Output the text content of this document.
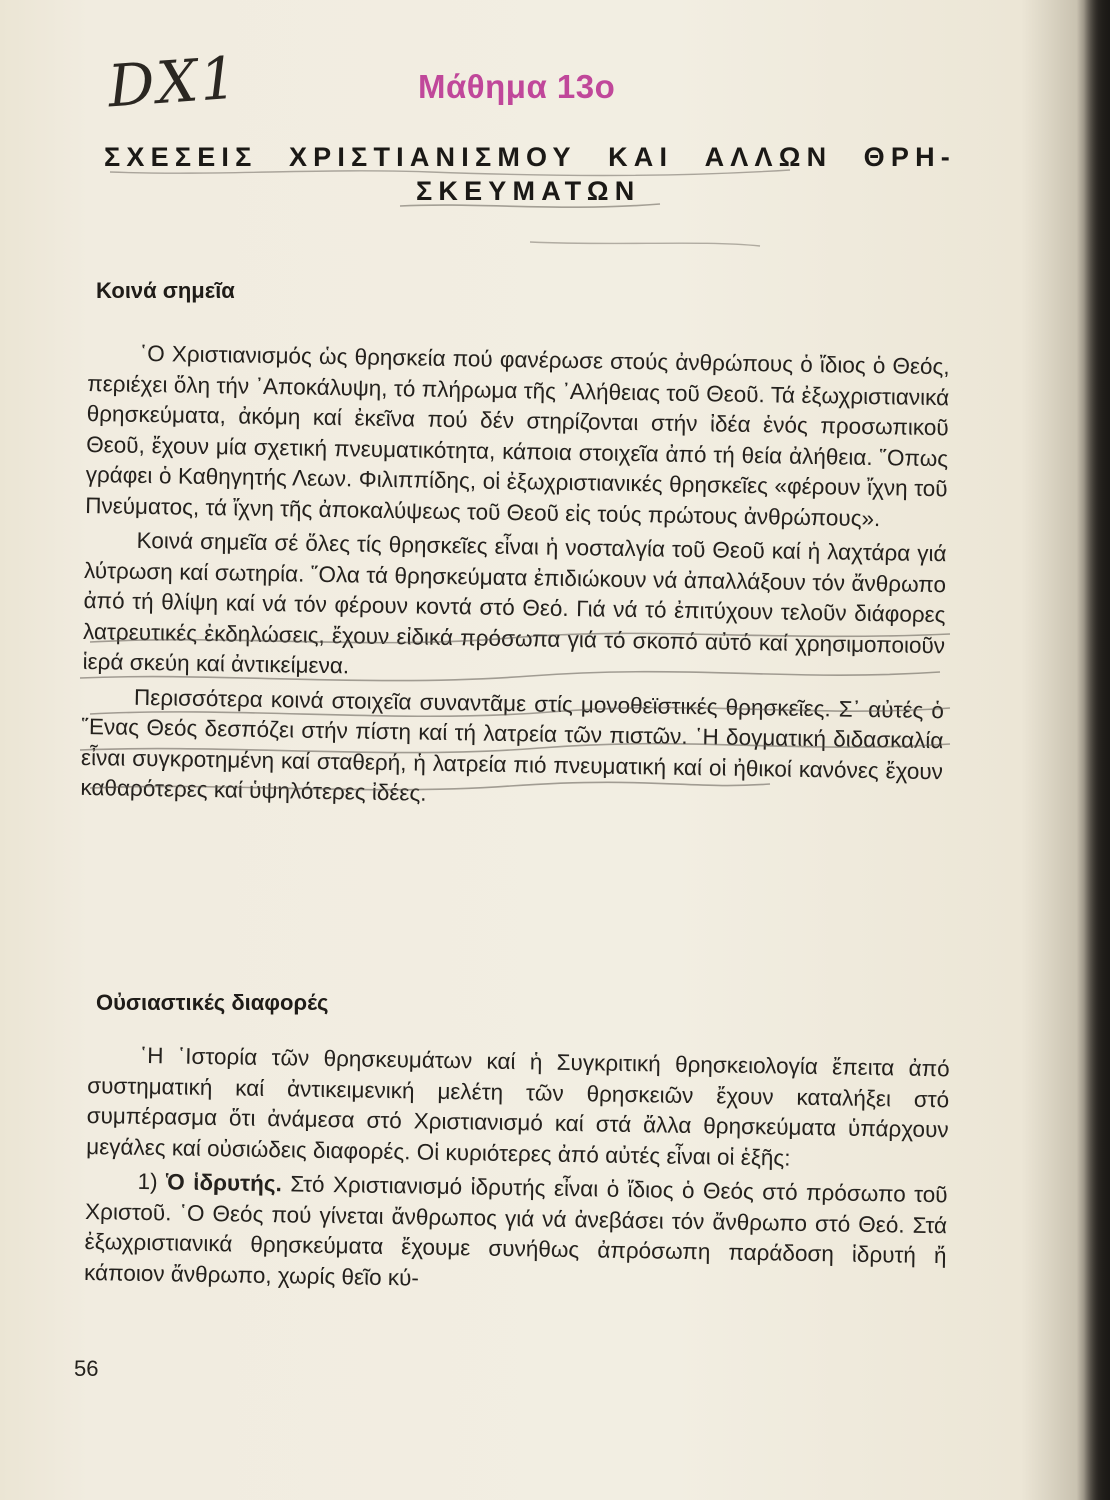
DX1	Μάθημα 13ο
ΣΧΕΣΕΙΣ ΧΡΙΣΤΙΑΝΙΣΜΟΥ ΚΑΙ ΑΛΛΩΝ ΘΡΗ-
ΣΚΕΥΜΑΤΩΝ
Κοινά σημεῖα

῾Ο Χριστιανισμός ὡς θρησκεία πού φανέρωσε στούς ἀνθρώπους ὁ ἴδιος ὁ Θεός, περιέχει ὅλη τήν ᾽Αποκάλυψη, τό πλήρωμα τῆς ᾽Αλήθειας τοῦ Θεοῦ. Τά ἐξωχριστιανικά θρησκεύματα, ἀκόμη καί ἐκεῖνα πού δέν στηρίζονται στήν ἰδέα ἑνός προσωπικοῦ Θεοῦ, ἔχουν μία σχετική πνευματικότητα, κάποια στοιχεῖα ἀπό τή θεία ἀλήθεια. ῞Οπως γράφει ὁ Καθηγητής Λεων. Φιλιππίδης, οἱ ἐξωχριστιανικές θρησκεῖες «φέρουν ἴχνη τοῦ Πνεύματος, τά ἴχνη τῆς ἀποκαλύψεως τοῦ Θεοῦ εἰς τούς πρώτους ἀνθρώπους».

Κοινά σημεῖα σέ ὅλες τίς θρησκεῖες εἶναι ἡ νοσταλγία τοῦ Θεοῦ καί ἡ λαχτάρα γιά λύτρωση καί σωτηρία. ῞Ολα τά θρησκεύματα ἐπιδιώκουν νά ἀπαλλάξουν τόν ἄνθρωπο ἀπό τή θλίψη καί νά τόν φέρουν κοντά στό Θεό. Γιά νά τό ἐπιτύχουν τελοῦν διάφορες λατρευτικές ἐκδηλώσεις, ἔχουν εἰδικά πρόσωπα γιά τό σκοπό αὐτό καί χρησιμοποιοῦν ἱερά σκεύη καί ἀντικείμενα.

Περισσότερα κοινά στοιχεῖα συναντᾶμε στίς μονοθεϊστικές θρησκεῖες. Σ᾽ αὐτές ὁ ῞Ενας Θεός δεσπόζει στήν πίστη καί τή λατρεία τῶν πιστῶν. ῾Η δογματική διδασκαλία εἶναι συγκροτημένη καί σταθερή, ἡ λατρεία πιό πνευματική καί οἱ ἠθικοί κανόνες ἔχουν καθαρότερες καί ὑψηλότερες ἰδέες.

Οὐσιαστικές διαφορές

῾Η ῾Ιστορία τῶν θρησκευμάτων καί ἡ Συγκριτική θρησκειολογία ἔπειτα ἀπό συστηματική καί ἀντικειμενική μελέτη τῶν θρησκειῶν ἔχουν καταλήξει στό συμπέρασμα ὅτι ἀνάμεσα στό Χριστιανισμό καί στά ἄλλα θρησκεύματα ὑπάρχουν μεγάλες καί οὐσιώδεις διαφορές. Οἱ κυριότερες ἀπό αὐτές εἶναι οἱ ἑξῆς:

1) Ὁ ἱδρυτής. Στό Χριστιανισμό ἱδρυτής εἶναι ὁ ἴδιος ὁ Θεός στό πρόσωπο τοῦ Χριστοῦ. ῾Ο Θεός πού γίνεται ἄνθρωπος γιά νά ἀνεβάσει τόν ἄνθρωπο στό Θεό. Στά ἐξωχριστιανικά θρησκεύματα ἔχουμε συνήθως ἀπρόσωπη παράδοση ἱδρυτή ἤ κάποιον ἄνθρωπο, χωρίς θεῖο κύ-

56
